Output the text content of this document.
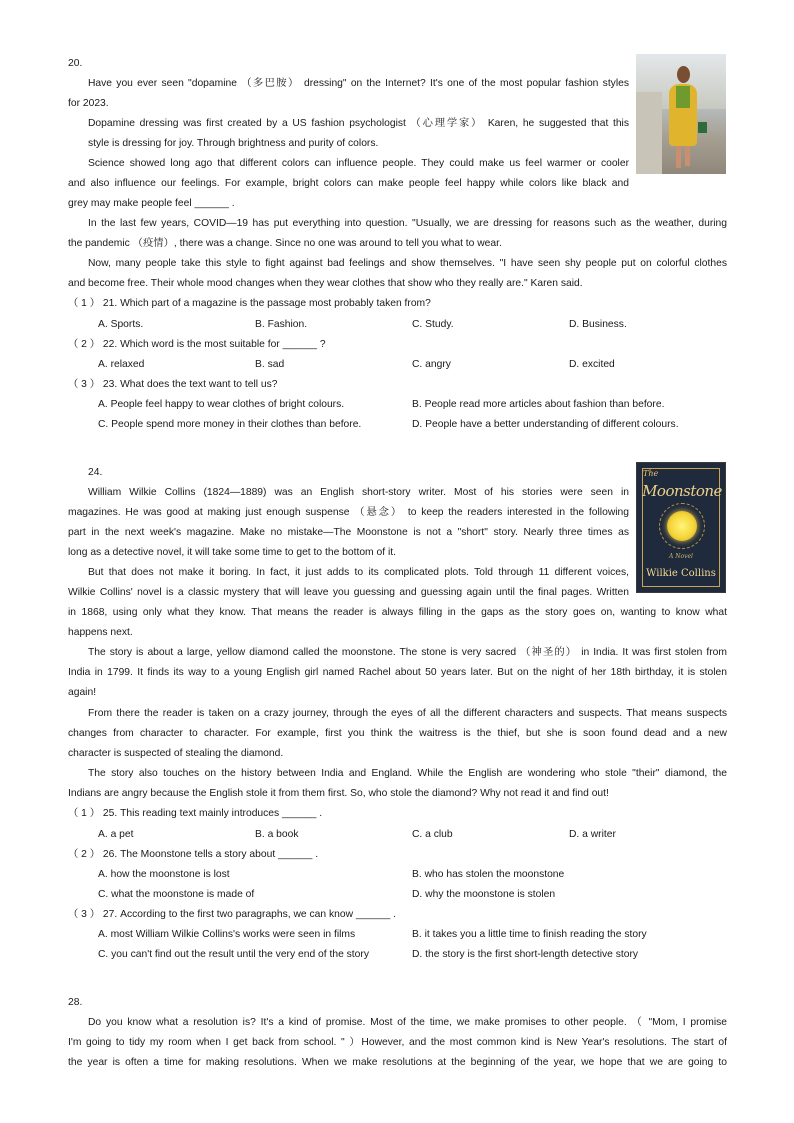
20.
Have you ever seen "dopamine （多巴胺） dressing" on the Internet? It's one of the most popular fashion styles
for 2023.
Dopamine dressing was first created by a US fashion psychologist （心理学家） Karen, he suggested that this
style is dressing for joy. Through brightness and purity of colors.
Science showed long ago that different colors can influence people. They could make us feel warmer or cooler
and also influence our feelings. For example, bright colors can make people feel happy while colors like black and
grey may make people feel ______ .
In the last few years, COVID—19 has put everything into question. "Usually, we are dressing for reasons such as the weather, during
the pandemic （疫情）, there was a change. Since no one was around to tell you what to wear.
Now, many people take this style to fight against bad feelings and show themselves. "I have seen shy people put on colorful clothes
and become free. Their whole mood changes when they wear clothes that show who they really are." Karen said.
（ 1 ） 21. Which part of a magazine is the passage most probably taken from?
A. Sports.	B. Fashion.	C. Study.	D. Business.
（ 2 ） 22. Which word is the most suitable for ______ ?
A. relaxed	B. sad	C. angry	D. excited
（ 3 ） 23. What does the text want to tell us?
A. People feel happy to wear clothes of bright colours.	B. People read more articles about fashion than before.
C. People spend more money in their clothes than before.	D. People have a better understanding of different colours.
24.
William Wilkie Collins (1824—1889) was an English short-story writer. Most of his stories were seen in
magazines. He was good at making just enough suspense （悬念） to keep the readers interested in the following
part in the next week's magazine. Make no mistake—The Moonstone is not a "short" story. Nearly three times as
long as a detective novel, it will take some time to get to the bottom of it.
But that does not make it boring. In fact, it just adds to its complicated plots. Told through 11 different voices,
Wilkie Collins' novel is a classic mystery that will leave you guessing and guessing again until the final pages. Written
in 1868, using only what they know. That means the reader is always filling in the gaps as the story goes on, wanting to know what
happens next.
The story is about a large, yellow diamond called the moonstone. The stone is very sacred （神圣的） in India. It was first stolen from
India in 1799. It finds its way to a young English girl named Rachel about 50 years later. But on the night of her 18th birthday, it is stolen
again!
From there the reader is taken on a crazy journey, through the eyes of all the different characters and suspects. That means suspects
changes from character to character. For example, first you think the waitress is the thief, but she is soon found dead and a new
character is suspected of stealing the diamond.
The story also touches on the history between India and England. While the English are wondering who stole "their" diamond, the
Indians are angry because the English stole it from them first. So, who stole the diamond? Why not read it and find out!
The
Moonstone
A Novel
Wilkie Collins
（ 1 ） 25. This reading text mainly introduces ______ .
A. a pet	B. a book	C. a club	D. a writer
（ 2 ） 26. The Moonstone tells a story about ______ .
A. how the moonstone is lost	B. who has stolen the moonstone
C. what the moonstone is made of	D. why the moonstone is stolen
（ 3 ） 27. According to the first two paragraphs, we can know ______ .
A. most William Wilkie Collins's works were seen in films	B. it takes you a little time to finish reading the story
C. you can't find out the result until the very end of the story	D. the story is the first short-length detective story
28.
Do you know what a resolution is? It's a kind of promise. Most of the time, we make promises to other people. （ "Mom, I promise
I'm going to tidy my room when I get back from school. " ）However, and the most common kind is New Year's resolutions. The start of
the year is often a time for making resolutions. When we make resolutions at the beginning of the year, we hope that we are going to
